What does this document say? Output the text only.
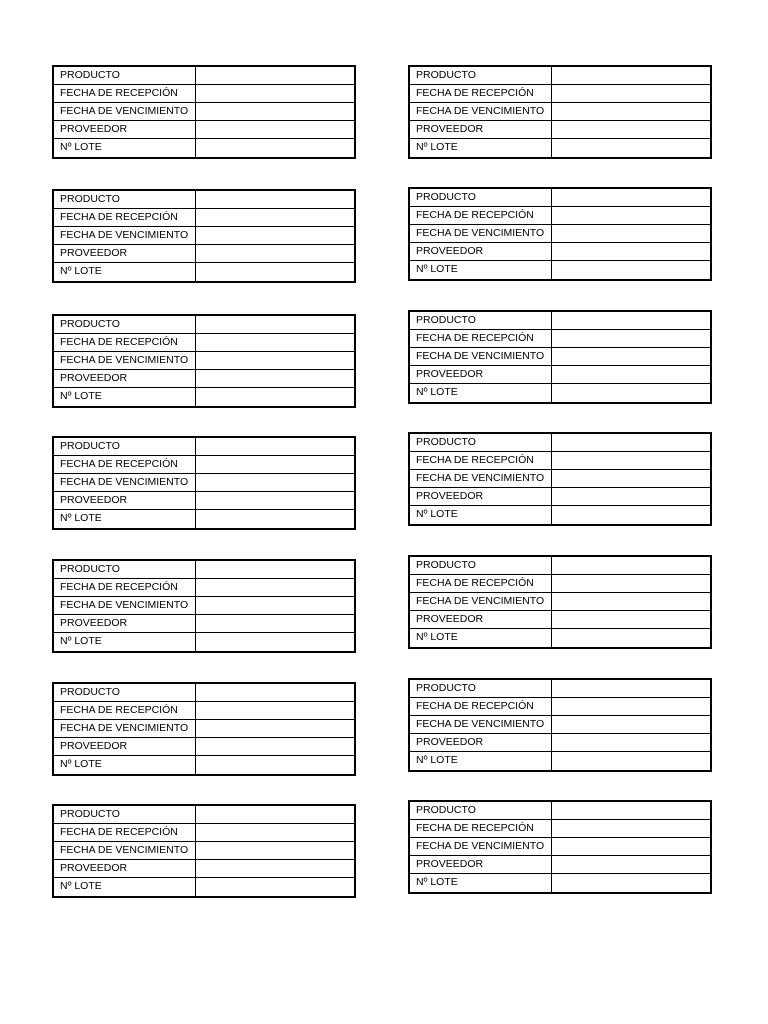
PRODUCTO
FECHA DE RECEPCIÓN
FECHA DE VENCIMIENTO
PROVEEDOR
Nº LOTE
PRODUCTO
FECHA DE RECEPCIÓN
FECHA DE VENCIMIENTO
PROVEEDOR
Nº LOTE
PRODUCTO
FECHA DE RECEPCIÓN
FECHA DE VENCIMIENTO
PROVEEDOR
Nº LOTE
PRODUCTO
FECHA DE RECEPCIÓN
FECHA DE VENCIMIENTO
PROVEEDOR
Nº LOTE
PRODUCTO
FECHA DE RECEPCIÓN
FECHA DE VENCIMIENTO
PROVEEDOR
Nº LOTE
PRODUCTO
FECHA DE RECEPCIÓN
FECHA DE VENCIMIENTO
PROVEEDOR
Nº LOTE
PRODUCTO
FECHA DE RECEPCIÓN
FECHA DE VENCIMIENTO
PROVEEDOR
Nº LOTE
PRODUCTO
FECHA DE RECEPCIÓN
FECHA DE VENCIMIENTO
PROVEEDOR
Nº LOTE
PRODUCTO
FECHA DE RECEPCIÓN
FECHA DE VENCIMIENTO
PROVEEDOR
Nº LOTE
PRODUCTO
FECHA DE RECEPCIÓN
FECHA DE VENCIMIENTO
PROVEEDOR
Nº LOTE
PRODUCTO
FECHA DE RECEPCIÓN
FECHA DE VENCIMIENTO
PROVEEDOR
Nº LOTE
PRODUCTO
FECHA DE RECEPCIÓN
FECHA DE VENCIMIENTO
PROVEEDOR
Nº LOTE
PRODUCTO
FECHA DE RECEPCIÓN
FECHA DE VENCIMIENTO
PROVEEDOR
Nº LOTE
PRODUCTO
FECHA DE RECEPCIÓN
FECHA DE VENCIMIENTO
PROVEEDOR
Nº LOTE
